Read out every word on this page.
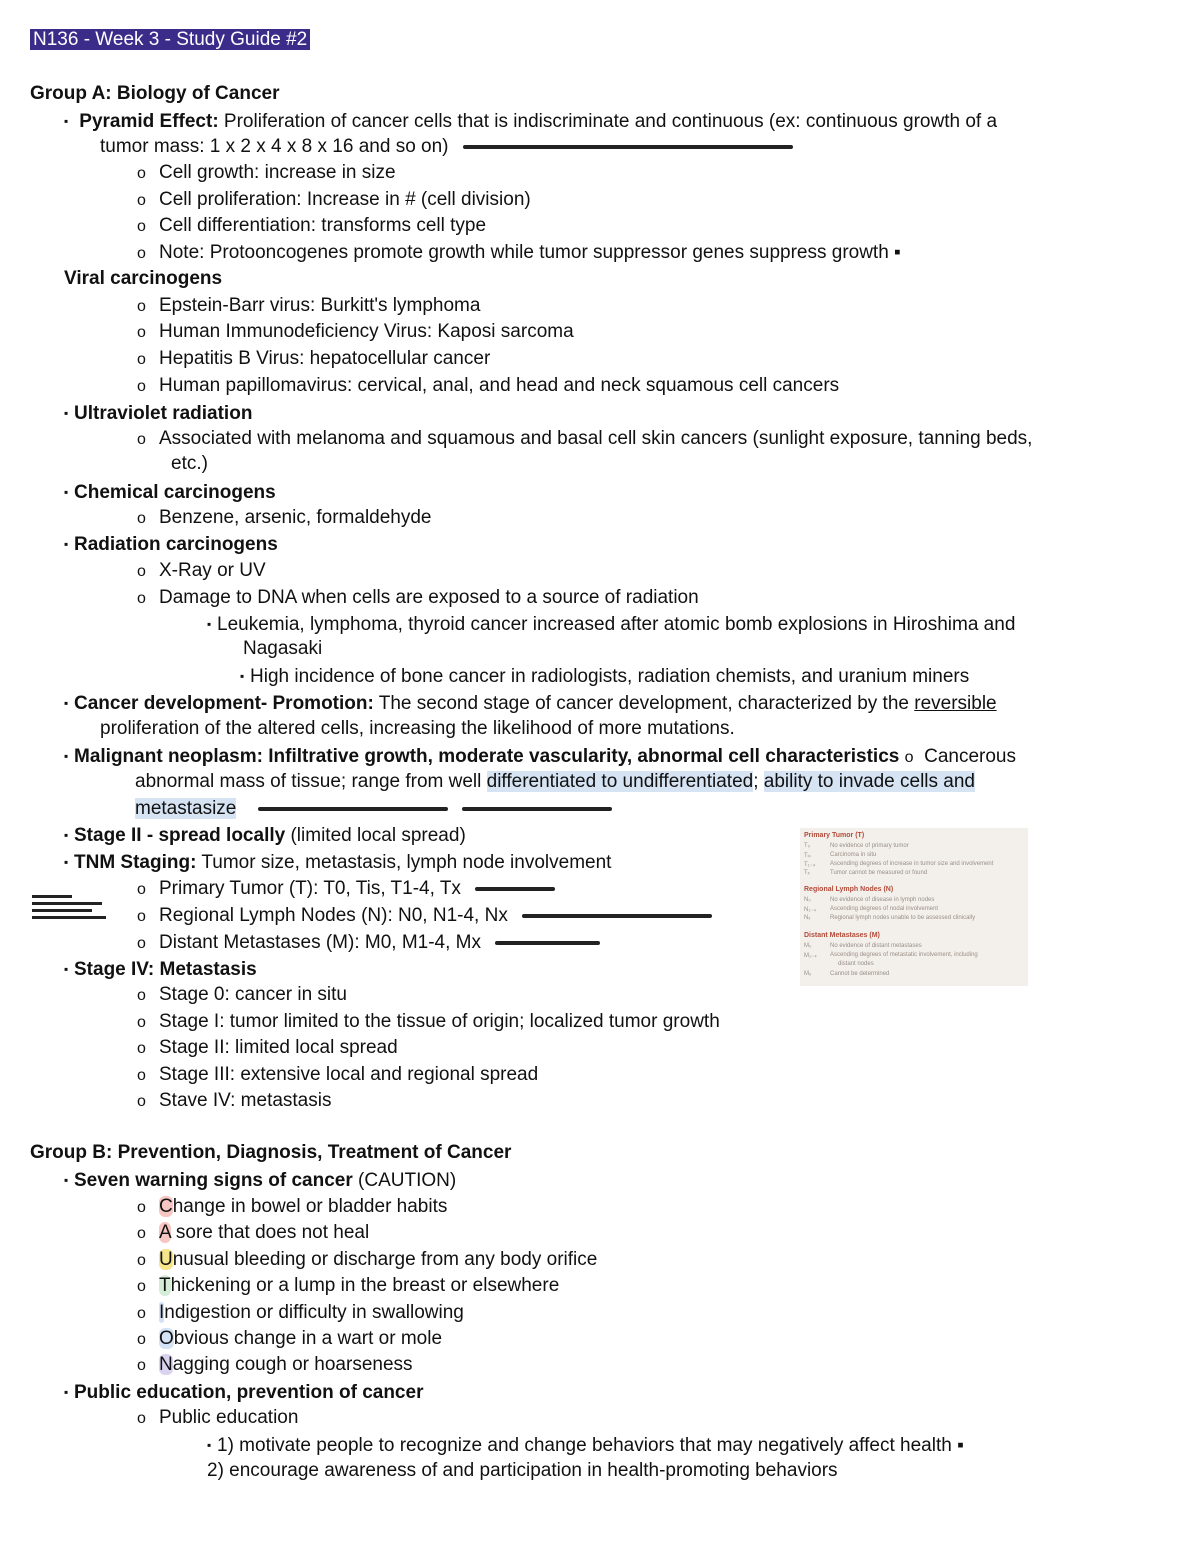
N136 - Week 3 - Study Guide #2
Group A: Biology of Cancer
▪ Pyramid Effect: Proliferation of cancer cells that is indiscriminate and continuous (ex: continuous growth of a
tumor mass: 1 x 2 x 4 x 8 x 16 and so on)
o Cell growth: increase in size
o Cell proliferation: Increase in # (cell division)
o Cell differentiation: transforms cell type
o Note: Protooncogenes promote growth while tumor suppressor genes suppress growth ▪
Viral carcinogens
o Epstein-Barr virus: Burkitt's lymphoma
o Human Immunodeficiency Virus: Kaposi sarcoma
o Hepatitis B Virus: hepatocellular cancer
o Human papillomavirus: cervical, anal, and head and neck squamous cell cancers
▪ Ultraviolet radiation
o Associated with melanoma and squamous and basal cell skin cancers (sunlight exposure, tanning beds,
etc.)
▪ Chemical carcinogens
o Benzene, arsenic, formaldehyde
▪ Radiation carcinogens
o X-Ray or UV
o Damage to DNA when cells are exposed to a source of radiation
▪ Leukemia, lymphoma, thyroid cancer increased after atomic bomb explosions in Hiroshima and
Nagasaki
▪ High incidence of bone cancer in radiologists, radiation chemists, and uranium miners
▪ Cancer development- Promotion: The second stage of cancer development, characterized by the reversible
proliferation of the altered cells, increasing the likelihood of more mutations.
▪ Malignant neoplasm: Infiltrative growth, moderate vascularity, abnormal cell characteristics o Cancerous
abnormal mass of tissue; range from well differentiated to undifferentiated; ability to invade cells and
metastasize
▪ Stage II - spread locally (limited local spread)
▪ TNM Staging: Tumor size, metastasis, lymph node involvement
o Primary Tumor (T): T0, Tis, T1-4, Tx
o Regional Lymph Nodes (N): N0, N1-4, Nx
o Distant Metastases (M): M0, M1-4, Mx
▪ Stage IV: Metastasis
o Stage 0: cancer in situ
o Stage I: tumor limited to the tissue of origin; localized tumor growth
o Stage II: limited local spread
o Stage III: extensive local and regional spread
o Stave IV: metastasis
Primary Tumor (T)
T₀	No evidence of primary tumor
Tᵢₛ	Carcinoma in situ
T₁₋₄ Ascending degrees of increase in tumor size and involvement
Tₓ	Tumor cannot be measured or found
Regional Lymph Nodes (N)
N₀	No evidence of disease in lymph nodes
N₁₋₄ Ascending degrees of nodal involvement
Nₓ	Regional lymph nodes unable to be assessed clinically
Distant Metastases (M)
M₀	No evidence of distant metastases
M₁₋₄ Ascending degrees of metastatic involvement, including
distant nodes
Mₓ	Cannot be determined
Group B: Prevention, Diagnosis, Treatment of Cancer
▪ Seven warning signs of cancer (CAUTION)
o Change in bowel or bladder habits
o A sore that does not heal
o Unusual bleeding or discharge from any body orifice
o Thickening or a lump in the breast or elsewhere
o Indigestion or difficulty in swallowing
o Obvious change in a wart or mole
o Nagging cough or hoarseness
▪ Public education, prevention of cancer
o Public education
▪ 1) motivate people to recognize and change behaviors that may negatively affect health ▪
2) encourage awareness of and participation in health-promoting behaviors
